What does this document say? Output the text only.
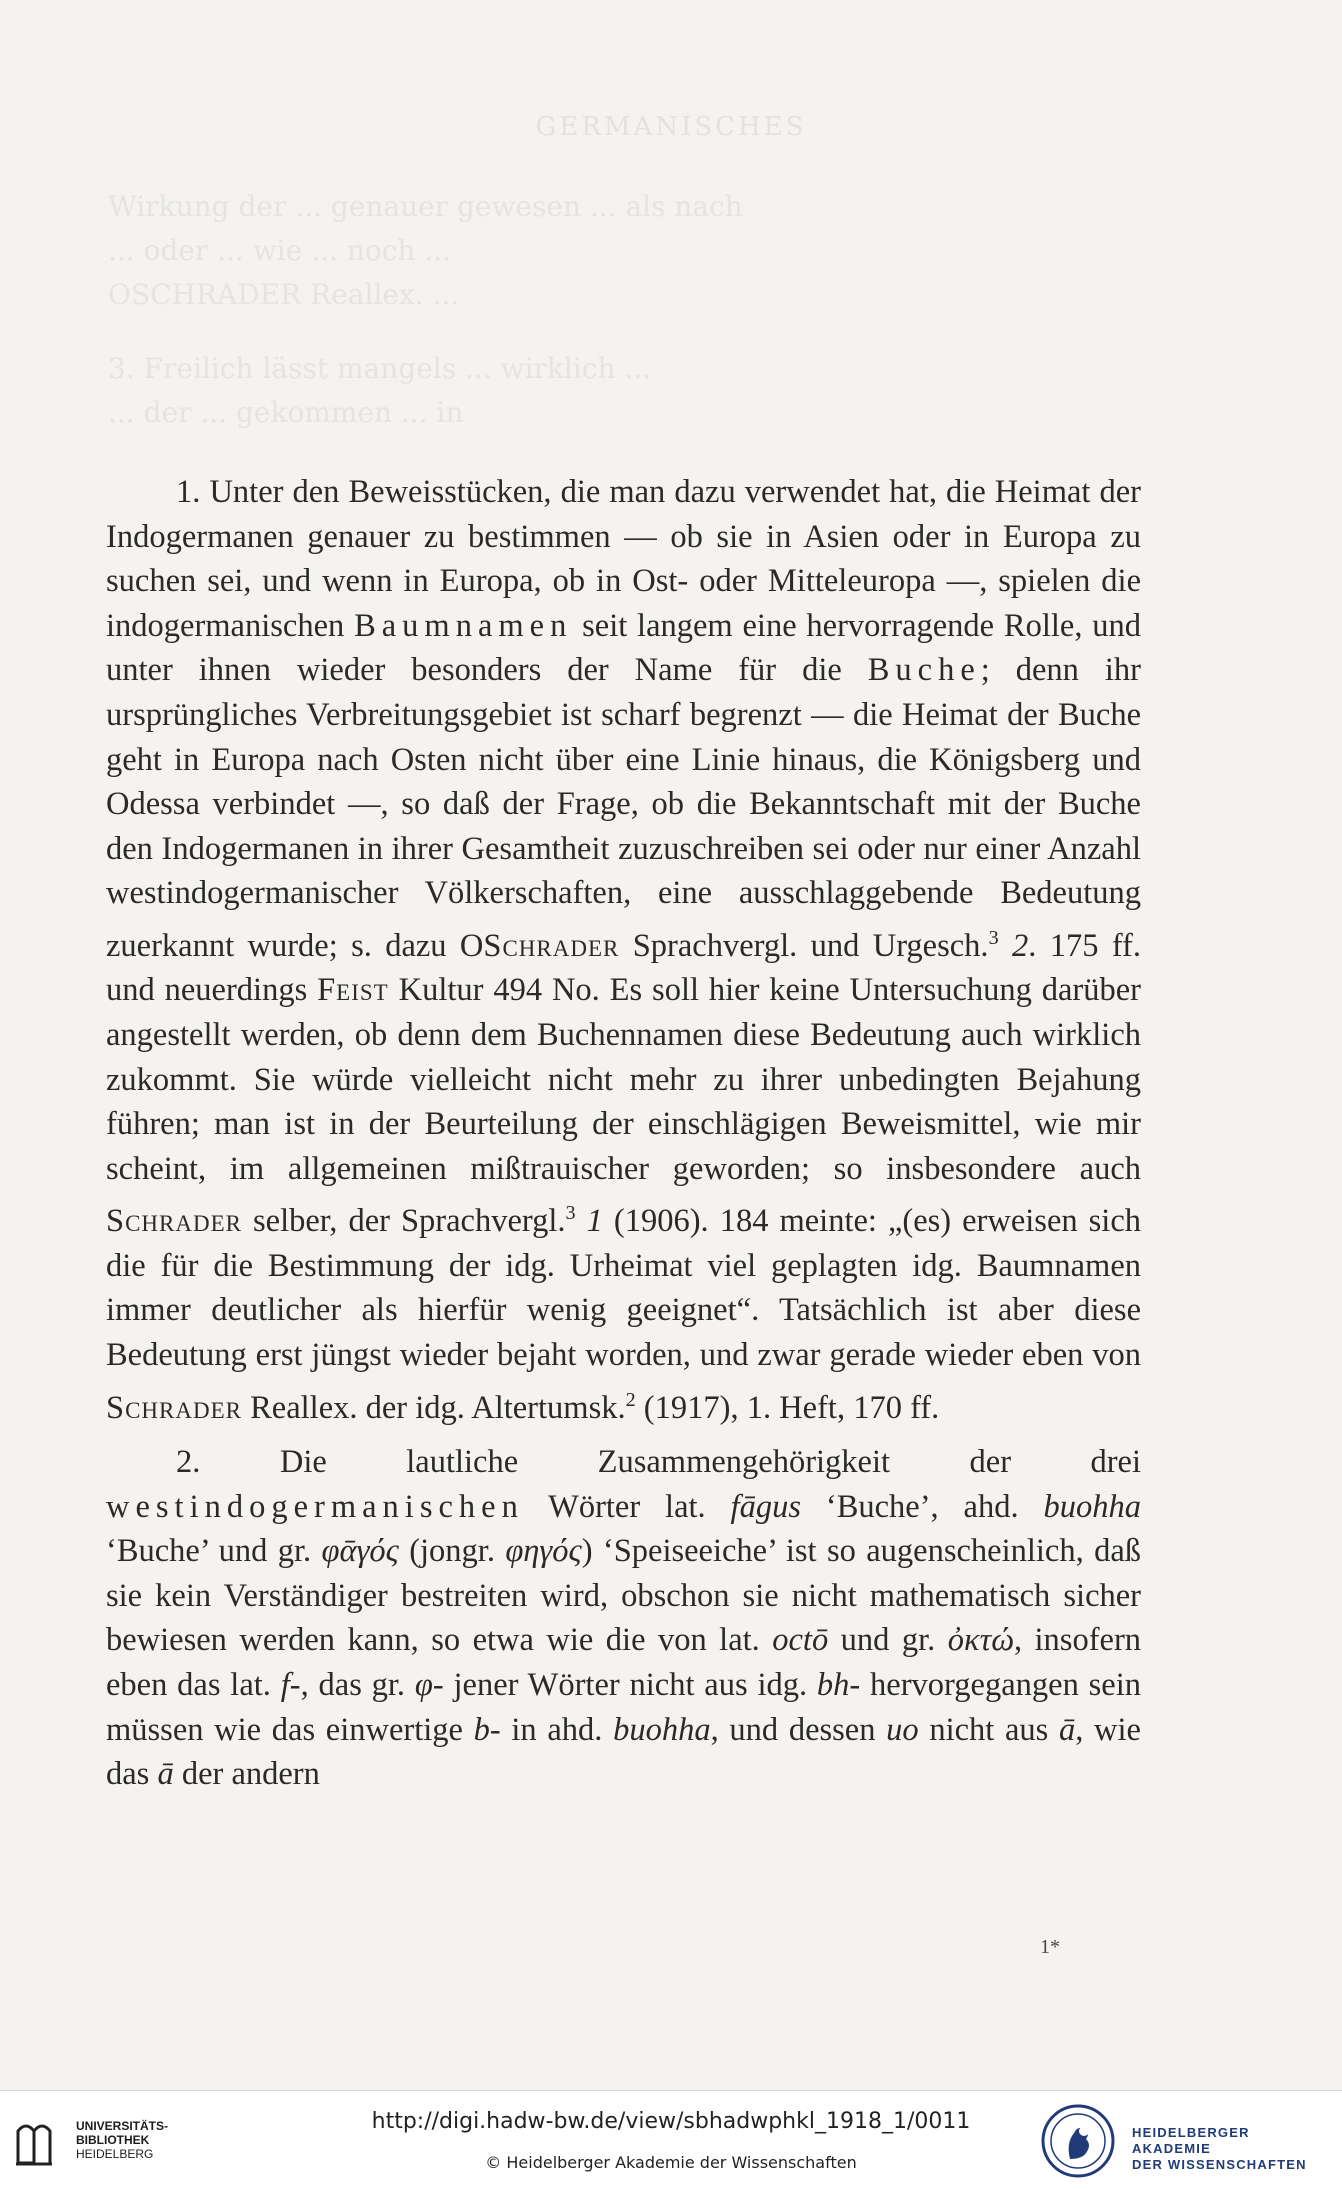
GERMANISCHES
Wirkung der ... genauer gewesen ... als nach
... oder ... wie ... noch ...
OSCHRADER Reallex. ...
3. Freilich lässt mangels ... wirklich ...
... der ... gekommen ... in

1. Unter den Beweisstücken, die man dazu verwendet hat, die Heimat der Indogermanen genauer zu bestimmen — ob sie in Asien oder in Europa zu suchen sei, und wenn in Europa, ob in Ost- oder Mitteleuropa —, spielen die indogermanischen Baumnamen seit langem eine hervorragende Rolle, und unter ihnen wieder besonders der Name für die Buche; denn ihr ursprüngliches Verbreitungsgebiet ist scharf begrenzt — die Heimat der Buche geht in Europa nach Osten nicht über eine Linie hinaus, die Königsberg und Odessa verbindet —, so daß der Frage, ob die Bekanntschaft mit der Buche den Indogermanen in ihrer Gesamtheit zuzuschreiben sei oder nur einer Anzahl westindogermanischer Völkerschaften, eine ausschlaggebende Bedeutung zuerkannt wurde; s. dazu OSchrader Sprachvergl. und Urgesch.$^3$ 2. 175 ff. und neuerdings Feist Kultur 494 No. Es soll hier keine Untersuchung darüber angestellt werden, ob denn dem Buchennamen diese Bedeutung auch wirklich zukommt. Sie würde vielleicht nicht mehr zu ihrer unbedingten Bejahung führen; man ist in der Beurteilung der einschlägigen Beweismittel, wie mir scheint, im allgemeinen mißtrauischer geworden; so insbesondere auch Schrader selber, der Sprachvergl.$^3$ 1 (1906). 184 meinte: „(es) erweisen sich die für die Bestimmung der idg. Urheimat viel geplagten idg. Baumnamen immer deutlicher als hierfür wenig geeignet“. Tatsächlich ist aber diese Bedeutung erst jüngst wieder bejaht worden, und zwar gerade wieder eben von Schrader Reallex. der idg. Altertumsk.$^2$ (1917), 1. Heft, 170 ff.

2. Die lautliche Zusammengehörigkeit der drei westindogermanischen Wörter lat. fāgus ‘Buche’, ahd. buohha ‘Buche’ und gr. φᾱγός (jongr. φηγός) ‘Speiseeiche’ ist so augenscheinlich, daß sie kein Verständiger bestreiten wird, obschon sie nicht mathematisch sicher bewiesen werden kann, so etwa wie die von lat. octō und gr. ὀκτώ, insofern eben das lat. f-, das gr. φ- jener Wörter nicht aus idg. bh- hervorgegangen sein müssen wie das einwertige b- in ahd. buohha, und dessen uo nicht aus ā, wie das ā der andern

1*
UNIVERSITÄTS-
BIBLIOTHEK
HEIDELBERG
http://digi.hadw-bw.de/view/sbhadwphkl_1918_1/0011
© Heidelberger Akademie der Wissenschaften
HEIDELBERGER AKADEMIE
DER WISSENSCHAFTEN
